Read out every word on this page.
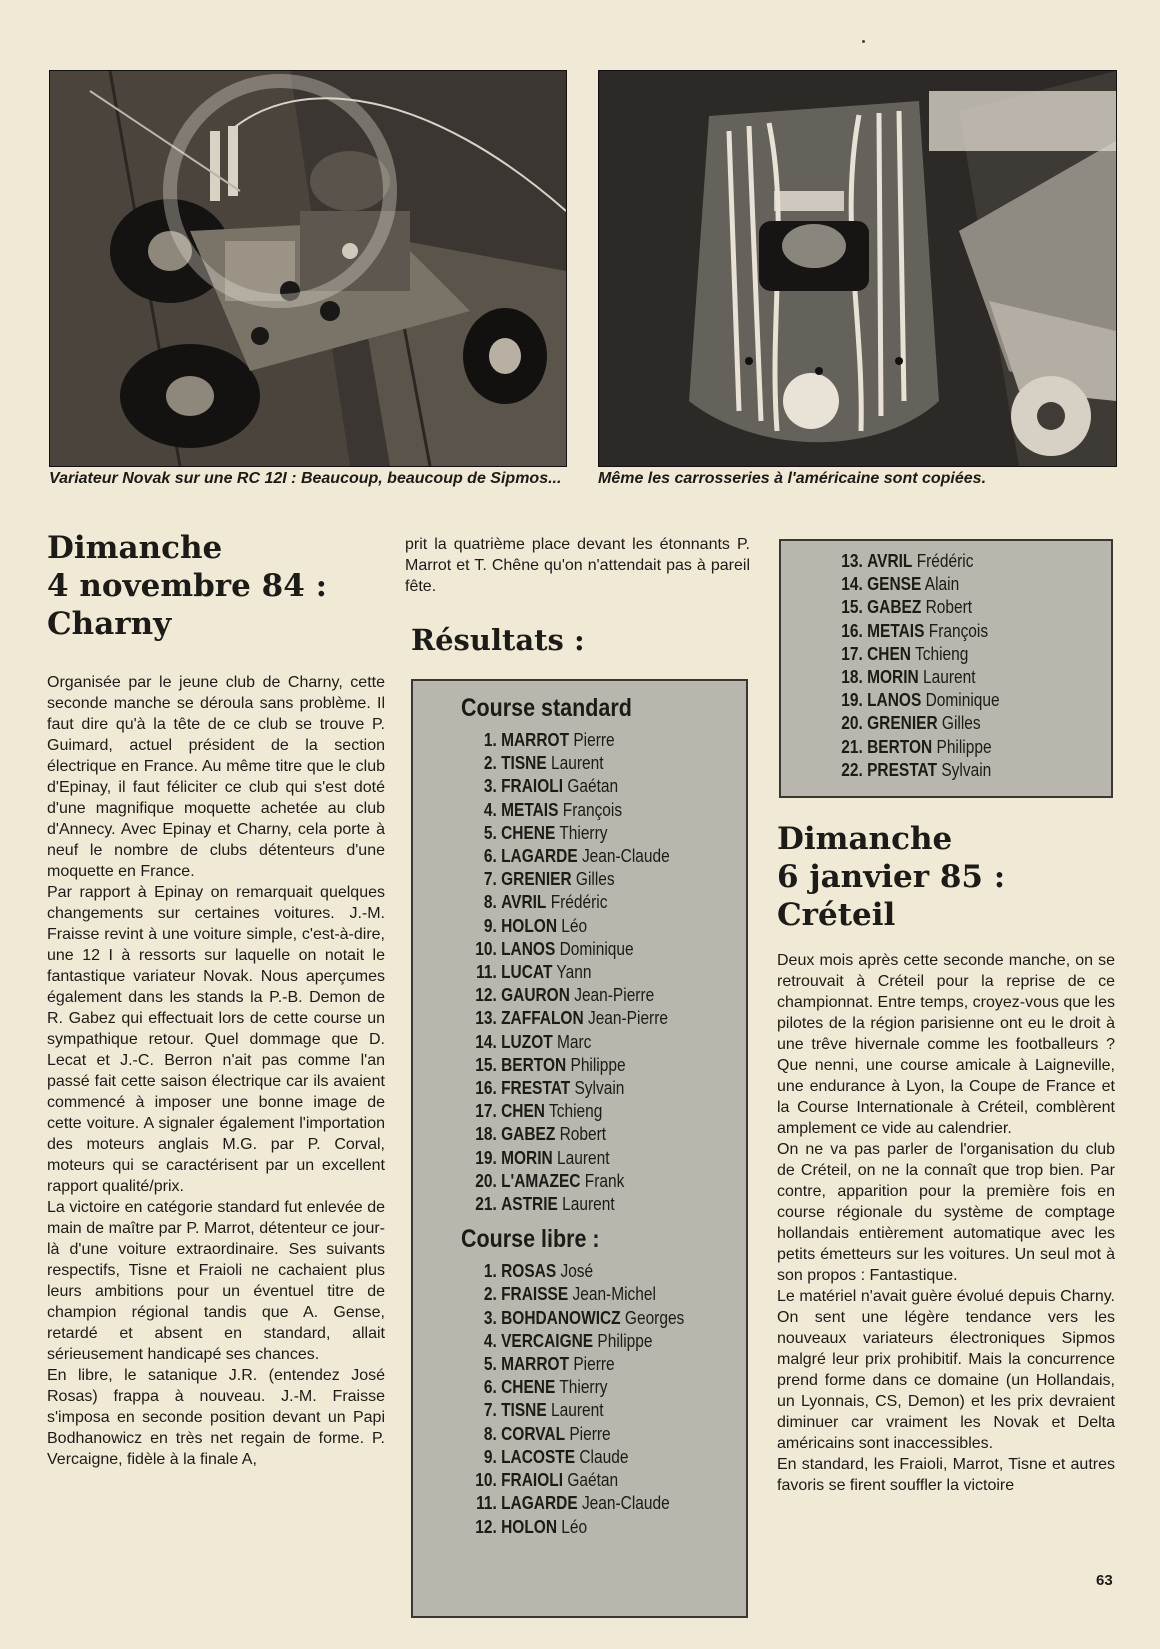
Variateur Novak sur une RC 12I : Beaucoup, beaucoup de Sipmos...	Même les carrosseries à l'américaine sont copiées.
Dimanche
4 novembre 84 :
Charny

Organisée par le jeune club de Charny, cette seconde manche se déroula sans problème. Il faut dire qu'à la tête de ce club se trouve P. Guimard, actuel président de la section électrique en France. Au même titre que le club d'Epinay, il faut féliciter ce club qui s'est doté d'une magnifique moquette achetée au club d'Annecy. Avec Epinay et Charny, cela porte à neuf le nombre de clubs détenteurs d'une moquette en France.

Par rapport à Epinay on remarquait quelques changements sur certaines voitures. J.-M. Fraisse revint à une voiture simple, c'est-à-dire, une 12 I à ressorts sur laquelle on notait le fantastique variateur Novak. Nous aperçumes également dans les stands la P.-B. Demon de R. Gabez qui effectuait lors de cette course un sympathique retour. Quel dommage que D. Lecat et J.-C. Berron n'ait pas comme l'an passé fait cette saison électrique car ils avaient commencé à imposer une bonne image de cette voiture. A signaler également l'importation des moteurs anglais M.G. par P. Corval, moteurs qui se caractérisent par un excellent rapport qualité/prix.

La victoire en catégorie standard fut enlevée de main de maître par P. Marrot, détenteur ce jour-là d'une voiture extraordinaire. Ses suivants respectifs, Tisne et Fraioli ne cachaient plus leurs ambitions pour un éventuel titre de champion régional tandis que A. Gense, retardé et absent en standard, allait sérieusement handicapé ses chances.

En libre, le satanique J.R. (entendez José Rosas) frappa à nouveau. J.-M. Fraisse s'imposa en seconde position devant un Papi Bodhanowicz en très net regain de forme. P. Vercaigne, fidèle à la finale A,

prit la quatrième place devant les étonnants P. Marrot et T. Chêne qu'on n'attendait pas à pareil fête.

Résultats :
Course standard
1. MARROT Pierre
2. TISNE Laurent
3. FRAIOLI Gaétan
4. METAIS François
5. CHENE Thierry
6. LAGARDE Jean-Claude
7. GRENIER Gilles
8. AVRIL Frédéric
9. HOLON Léo
10. LANOS Dominique
11. LUCAT Yann
12. GAURON Jean-Pierre
13. ZAFFALON Jean-Pierre
14. LUZOT Marc
15. BERTON Philippe
16. FRESTAT Sylvain
17. CHEN Tchieng
18. GABEZ Robert
19. MORIN Laurent
20. L'AMAZEC Frank
21. ASTRIE Laurent
Course libre :
1. ROSAS José
2. FRAISSE Jean-Michel
3. BOHDANOWICZ Georges
4. VERCAIGNE Philippe
5. MARROT Pierre
6. CHENE Thierry
7. TISNE Laurent
8. CORVAL Pierre
9. LACOSTE Claude
10. FRAIOLI Gaétan
11. LAGARDE Jean-Claude
12. HOLON Léo
13. AVRIL Frédéric
14. GENSE Alain
15. GABEZ Robert
16. METAIS François
17. CHEN Tchieng
18. MORIN Laurent
19. LANOS Dominique
20. GRENIER Gilles
21. BERTON Philippe
22. PRESTAT Sylvain
Dimanche
6 janvier 85 :
Créteil

Deux mois après cette seconde manche, on se retrouvait à Créteil pour la reprise de ce championnat. Entre temps, croyez-vous que les pilotes de la région parisienne ont eu le droit à une trêve hivernale comme les footballeurs ? Que nenni, une course amicale à Laigneville, une endurance à Lyon, la Coupe de France et la Course Internationale à Créteil, comblèrent amplement ce vide au calendrier.

On ne va pas parler de l'organisation du club de Créteil, on ne la connaît que trop bien. Par contre, apparition pour la première fois en course régionale du système de comptage hollandais entièrement automatique avec les petits émetteurs sur les voitures. Un seul mot à son propos : Fantastique.

Le matériel n'avait guère évolué depuis Charny. On sent une légère tendance vers les nouveaux variateurs électroniques Sipmos malgré leur prix prohibitif. Mais la concurrence prend forme dans ce domaine (un Hollandais, un Lyonnais, CS, Demon) et les prix devraient diminuer car vraiment les Novak et Delta américains sont inaccessibles.

En standard, les Fraioli, Marrot, Tisne et autres favoris se firent souffler la victoire

63
